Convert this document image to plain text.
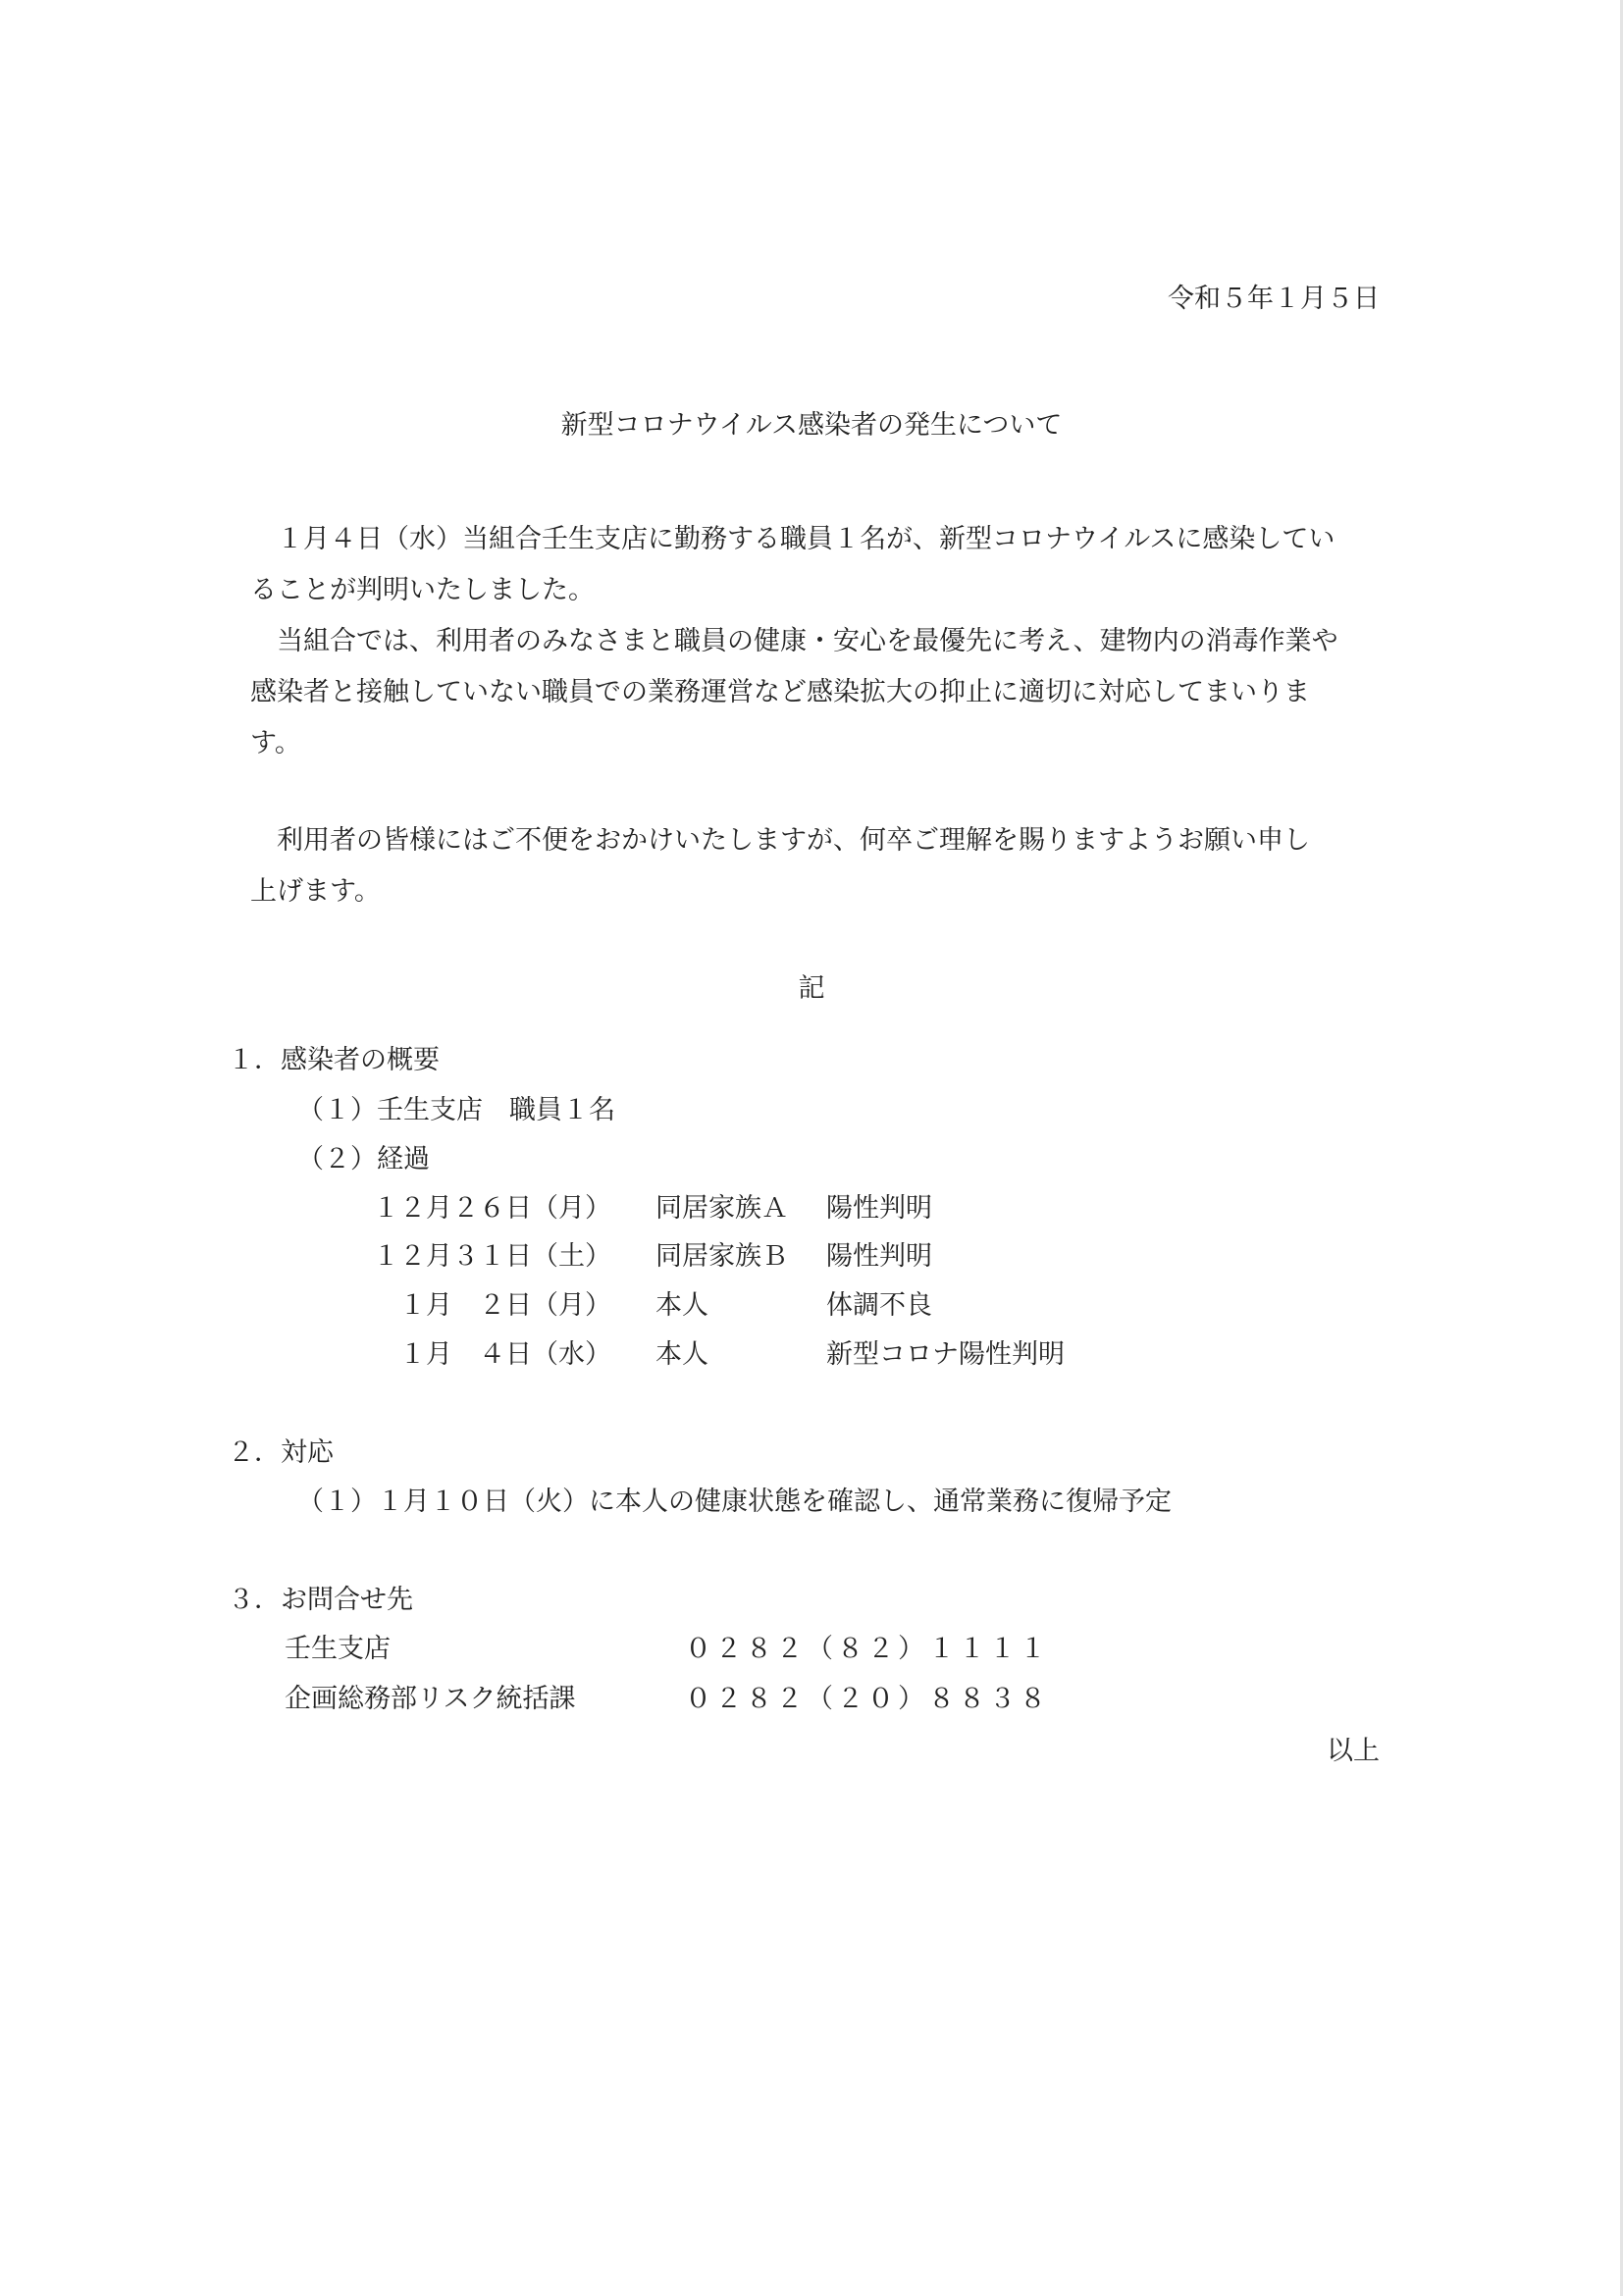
令和５年１月５日
新型コロナウイルス感染者の発生について
　１月４日（水）当組合壬生支店に勤務する職員１名が、新型コロナウイルスに感染してい
ることが判明いたしました。
　当組合では、利用者のみなさまと職員の健康・安心を最優先に考え、建物内の消毒作業や
感染者と接触していない職員での業務運営など感染拡大の抑止に適切に対応してまいりま
す。
　利用者の皆様にはご不便をおかけいたしますが、何卒ご理解を賜りますようお願い申し
上げます。
記
１．感染者の概要
（１）壬生支店　職員１名
（２）経過
１２月２６日（月） 同居家族Ａ 陽性判明
１２月３１日（土） 同居家族Ｂ 陽性判明
　１月　２日（月） 本人	体調不良
　１月　４日（水） 本人	新型コロナ陽性判明
２．対応
（１）１月１０日（火）に本人の健康状態を確認し、通常業務に復帰予定
３．お問合せ先
壬生支店	０２８２（８２）１１１１
企画総務部リスク統括課	０２８２（２０）８８３８
以上
